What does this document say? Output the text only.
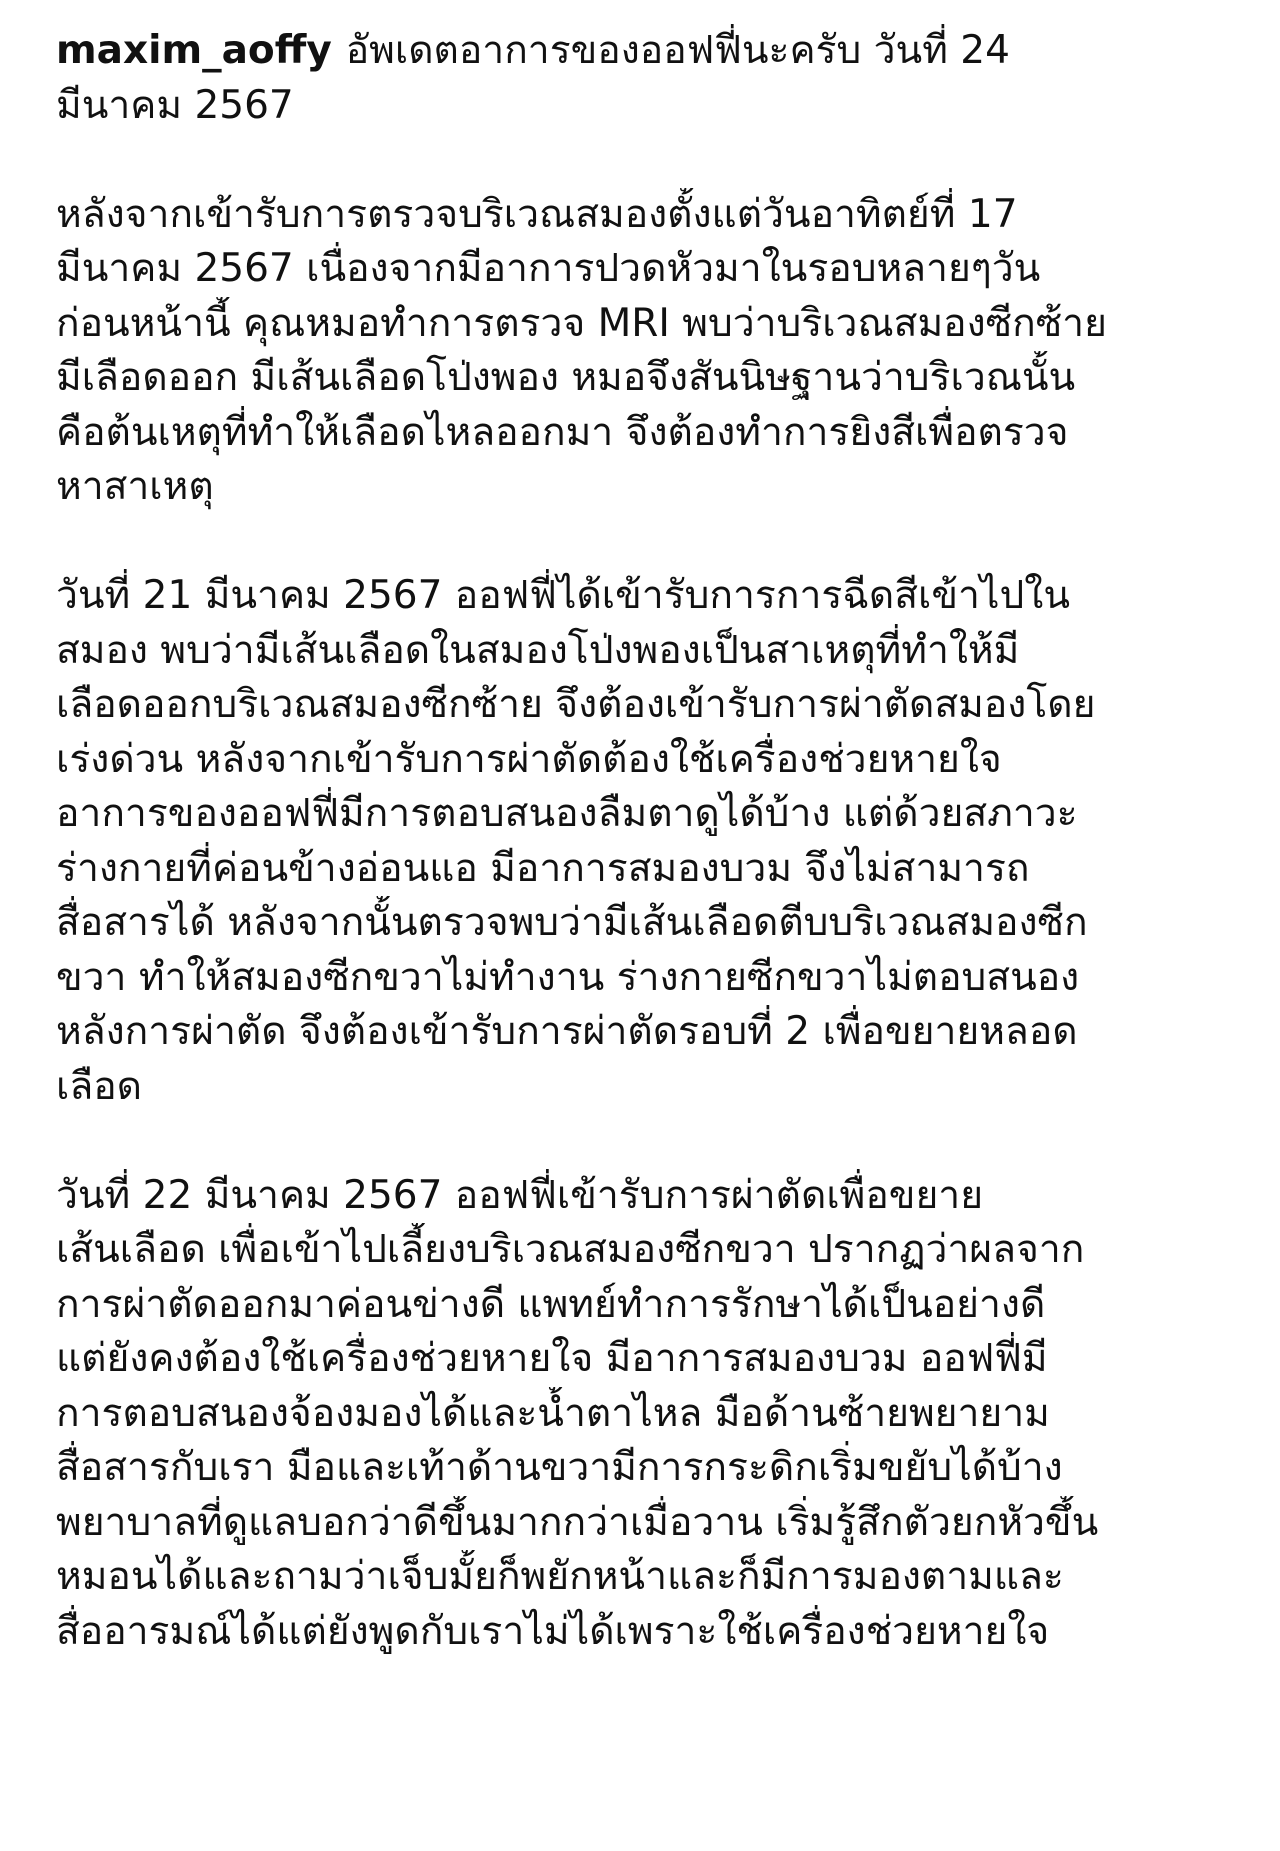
maxim_aoffy อัพเดตอาการของออฟฟี่นะครับ วันที่ 24
มีนาคม 2567
หลังจากเข้ารับการตรวจบริเวณสมองตั้งแต่วันอาทิตย์ที่ 17
มีนาคม 2567 เนื่องจากมีอาการปวดหัวมาในรอบหลายๆวัน
ก่อนหน้านี้ คุณหมอทำการตรวจ MRI พบว่าบริเวณสมองซีกซ้าย
มีเลือดออก มีเส้นเลือดโป่งพอง หมอจึงสันนิษฐานว่าบริเวณนั้น
คือต้นเหตุที่ทำให้เลือดไหลออกมา จึงต้องทำการยิงสีเพื่อตรวจ
หาสาเหตุ
วันที่ 21 มีนาคม 2567 ออฟฟี่ได้เข้ารับการการฉีดสีเข้าไปใน
สมอง พบว่ามีเส้นเลือดในสมองโป่งพองเป็นสาเหตุที่ทำให้มี
เลือดออกบริเวณสมองซีกซ้าย จึงต้องเข้ารับการผ่าตัดสมองโดย
เร่งด่วน หลังจากเข้ารับการผ่าตัดต้องใช้เครื่องช่วยหายใจ
อาการของออฟฟี่มีการตอบสนองลืมตาดูได้บ้าง แต่ด้วยสภาวะ
ร่างกายที่ค่อนข้างอ่อนแอ มีอาการสมองบวม จึงไม่สามารถ
สื่อสารได้ หลังจากนั้นตรวจพบว่ามีเส้นเลือดตีบบริเวณสมองซีก
ขวา ทำให้สมองซีกขวาไม่ทำงาน ร่างกายซีกขวาไม่ตอบสนอง
หลังการผ่าตัด จึงต้องเข้ารับการผ่าตัดรอบที่ 2 เพื่อขยายหลอด
เลือด
วันที่ 22 มีนาคม 2567 ออฟฟี่เข้ารับการผ่าตัดเพื่อขยาย
เส้นเลือด เพื่อเข้าไปเลี้ยงบริเวณสมองซีกขวา ปรากฏว่าผลจาก
การผ่าตัดออกมาค่อนข่างดี แพทย์ทำการรักษาได้เป็นอย่างดี
แต่ยังคงต้องใช้เครื่องช่วยหายใจ มีอาการสมองบวม ออฟฟี่มี
การตอบสนองจ้องมองได้และน้ำตาไหล มือด้านซ้ายพยายาม
สื่อสารกับเรา มือและเท้าด้านขวามีการกระดิกเริ่มขยับได้บ้าง
พยาบาลที่ดูแลบอกว่าดีขึ้นมากกว่าเมื่อวาน เริ่มรู้สึกตัวยกหัวขึ้น
หมอนได้และถามว่าเจ็บมั้ยก็พยักหน้าและก็มีการมองตามและ
สื่ออารมณ์ได้แต่ยังพูดกับเราไม่ได้เพราะใช้เครื่องช่วยหายใจ
